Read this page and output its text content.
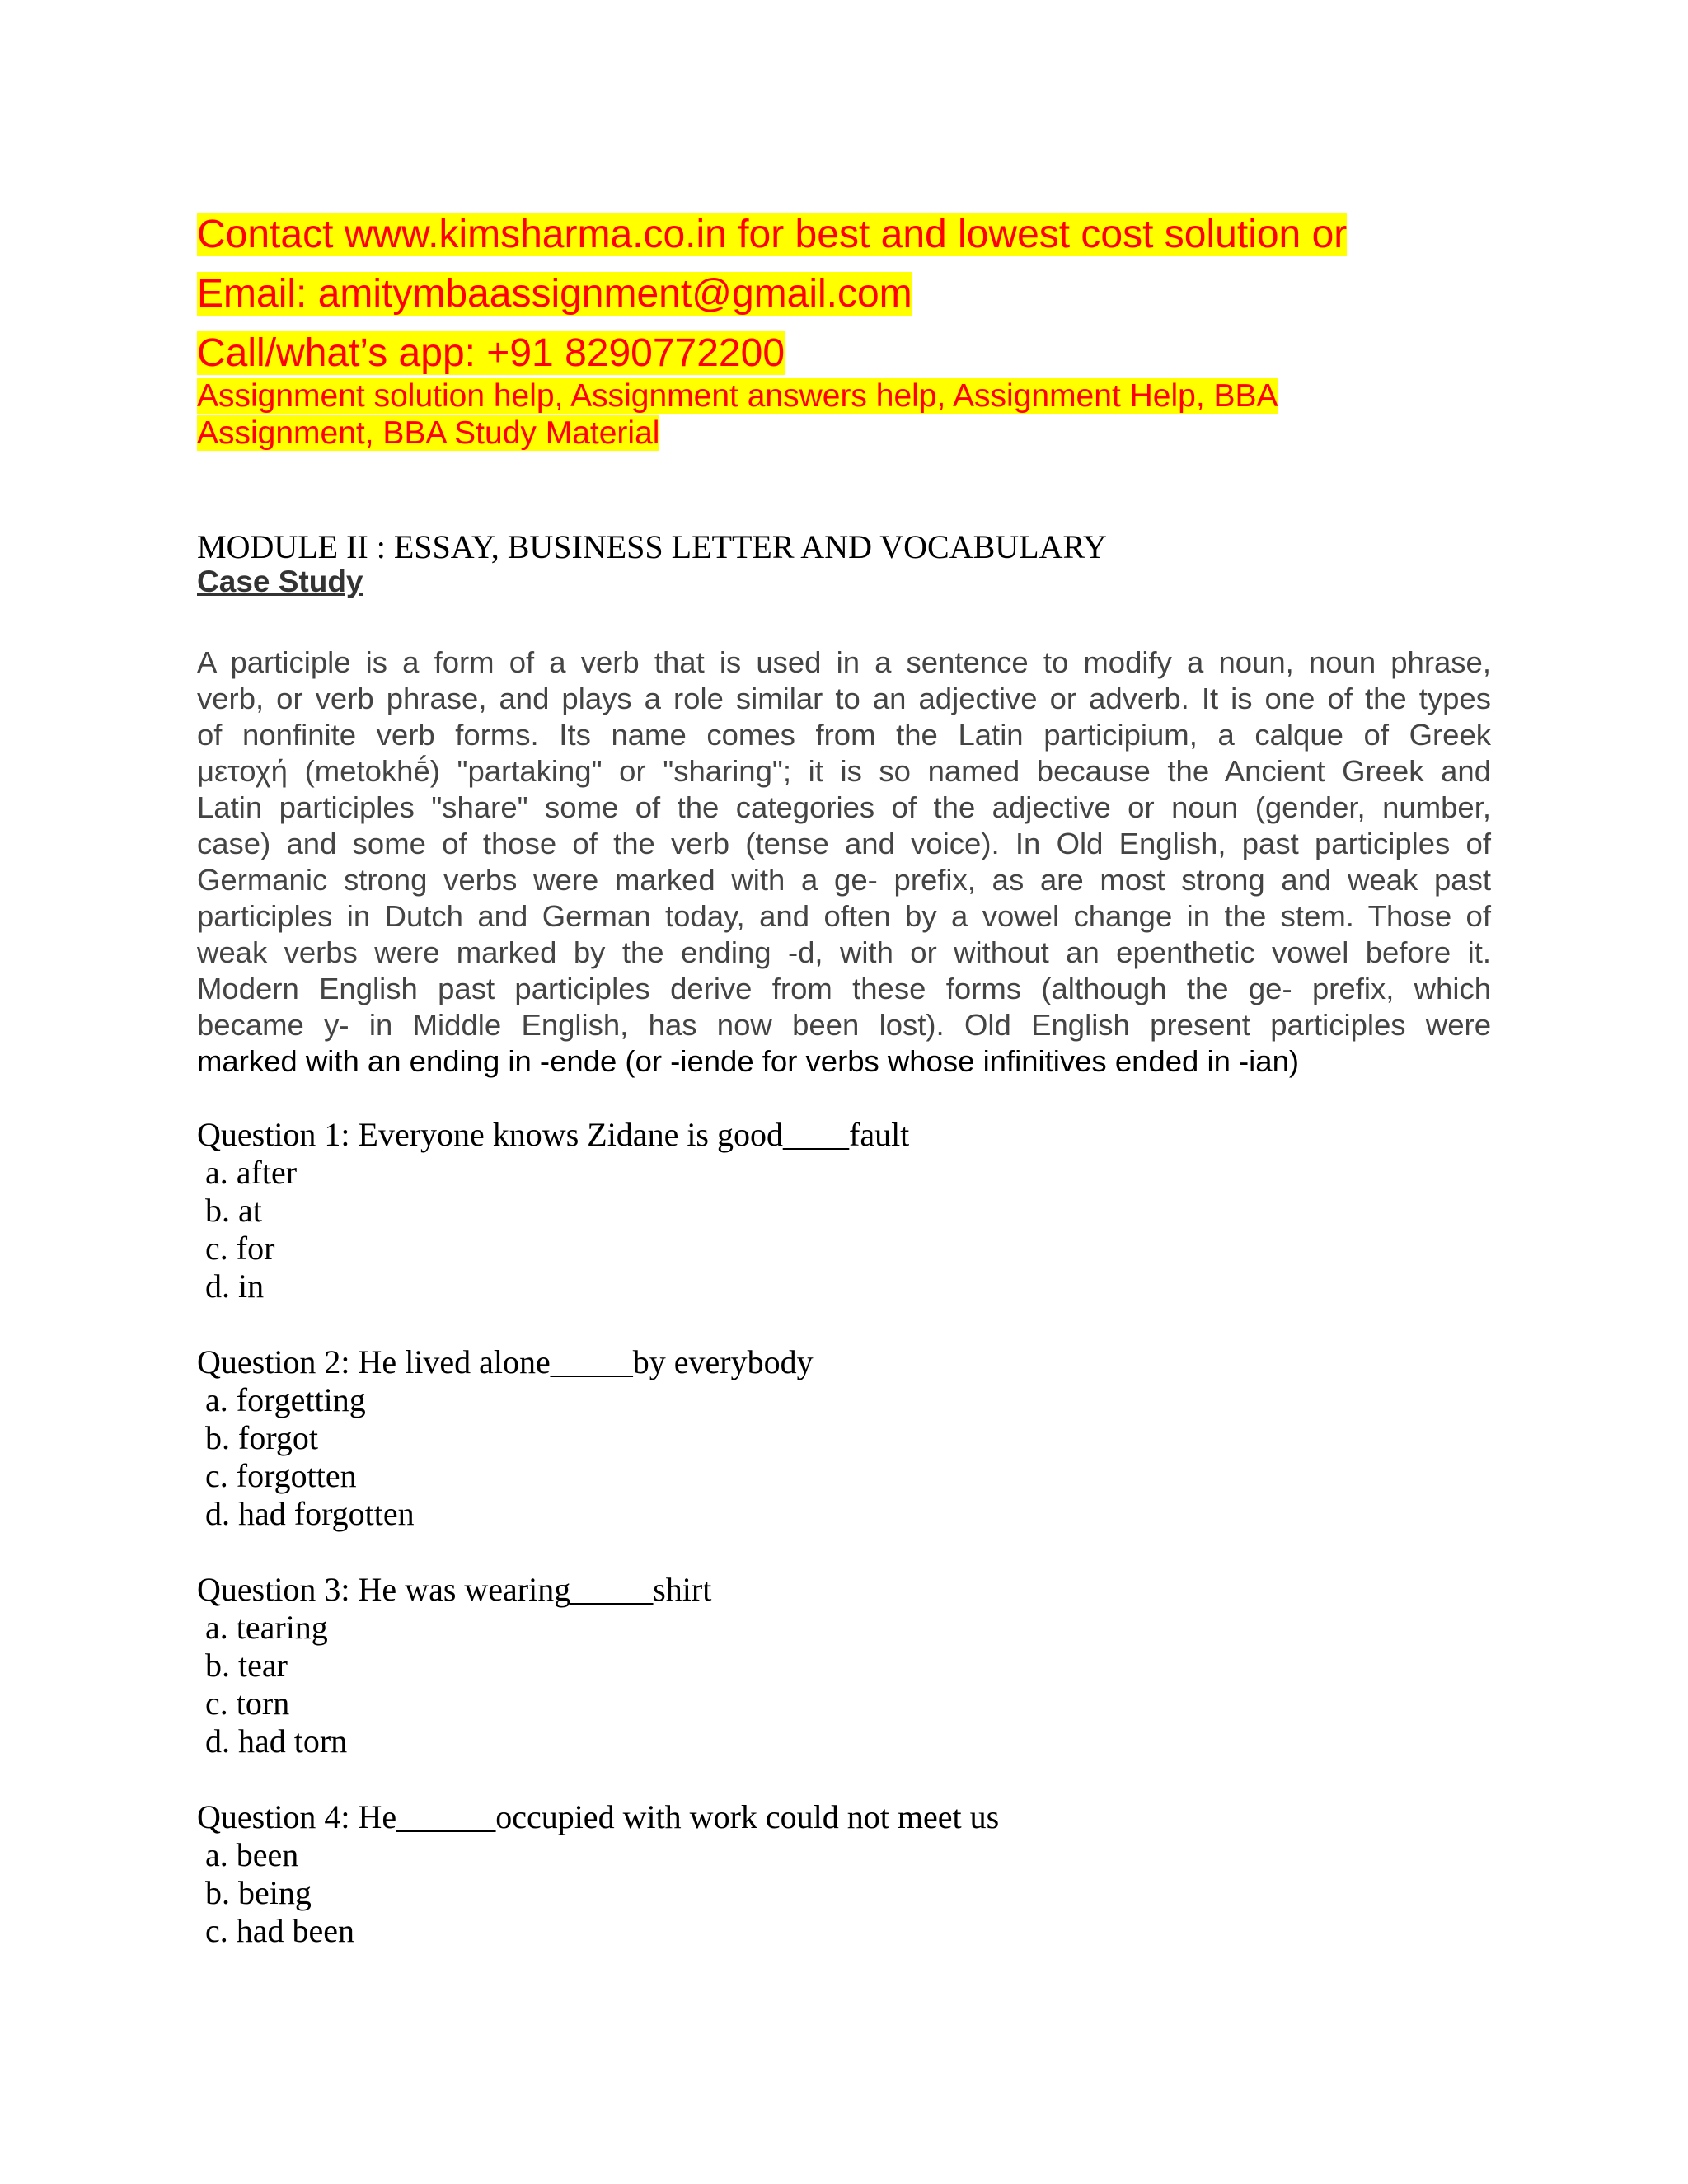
Contact www.kimsharma.co.in for best and lowest cost solution or
Email: amitymbaassignment@gmail.com
Call/what’s app: +91 8290772200
Assignment solution help, Assignment answers help, Assignment Help, BBA
Assignment, BBA Study Material
MODULE II : ESSAY, BUSINESS LETTER AND VOCABULARY
Case Study
A participle is a form of a verb that is used in a sentence to modify a noun, noun phrase,
verb, or verb phrase, and plays a role similar to an adjective or adverb. It is one of the types
of nonfinite verb forms. Its name comes from the Latin participium, a calque of Greek
μετοχή (metokhḗ) "partaking" or "sharing"; it is so named because the Ancient Greek and
Latin participles "share" some of the categories of the adjective or noun (gender, number,
case) and some of those of the verb (tense and voice). In Old English, past participles of
Germanic strong verbs were marked with a ge- prefix, as are most strong and weak past
participles in Dutch and German today, and often by a vowel change in the stem. Those of
weak verbs were marked by the ending -d, with or without an epenthetic vowel before it.
Modern English past participles derive from these forms (although the ge- prefix, which
became y- in Middle English, has now been lost). Old English present participles were
marked with an ending in -ende (or -iende for verbs whose infinitives ended in -ian)
Question 1: Everyone knows Zidane is good____fault
a. after
b. at
c. for
d. in
Question 2: He lived alone_____by everybody
a. forgetting
b. forgot
c. forgotten
d. had forgotten
Question 3: He was wearing_____shirt
a. tearing
b. tear
c. torn
d. had torn
Question 4: He______occupied with work could not meet us
a. been
b. being
c. had been
